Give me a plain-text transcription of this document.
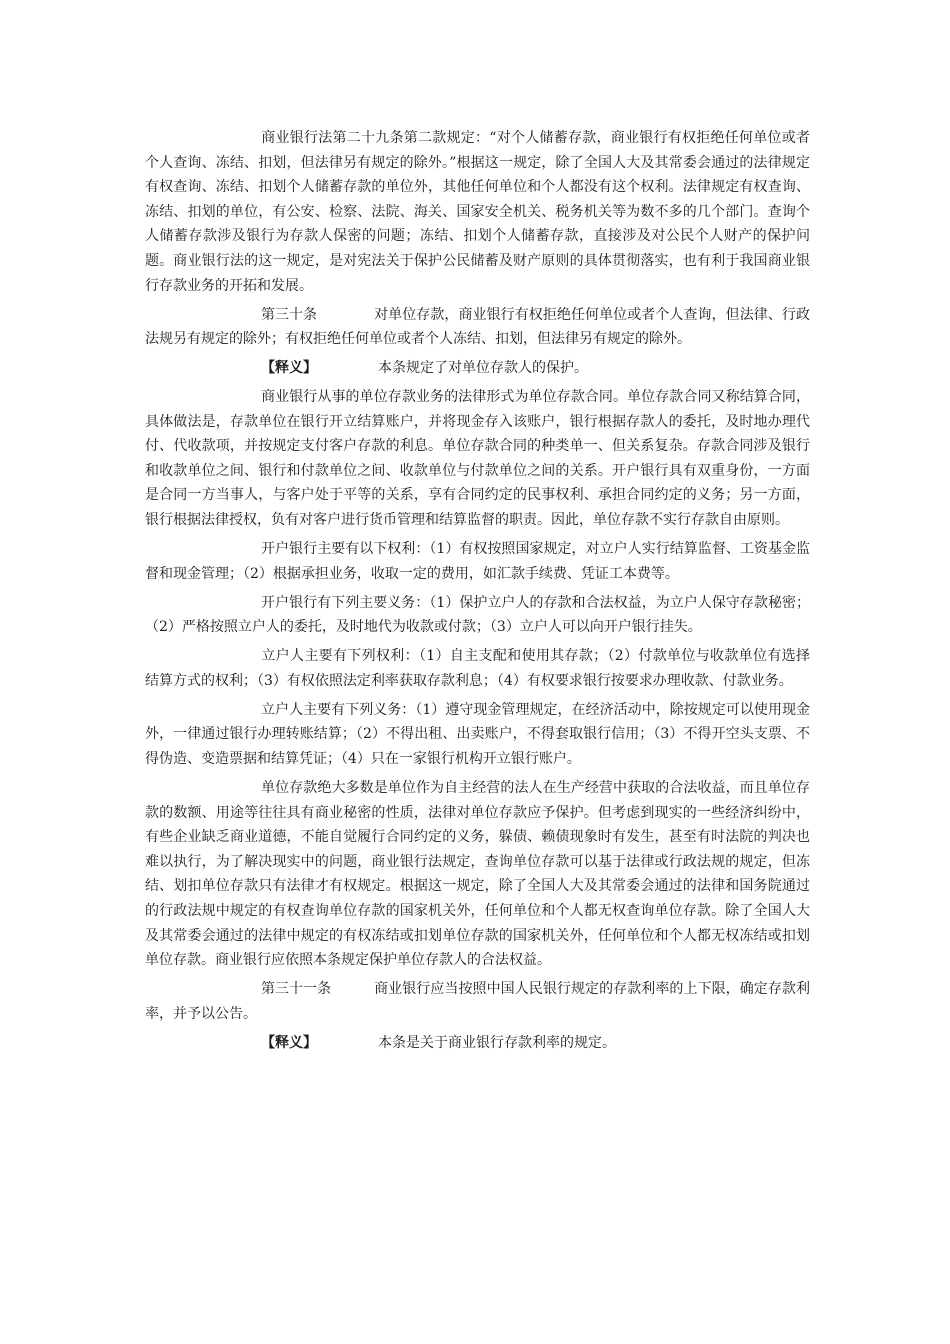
商业银行法第二十九条第二款规定：“对个人储蓄存款，商业银行有权拒绝任何单位或者个人查询、冻结、扣划，但法律另有规定的除外。”根据这一规定，除了全国人大及其常委会通过的法律规定有权查询、冻结、扣划个人储蓄存款的单位外，其他任何单位和个人都没有这个权利。法律规定有权查询、冻结、扣划的单位，有公安、检察、法院、海关、国家安全机关、税务机关等为数不多的几个部门。查询个人储蓄存款涉及银行为存款人保密的问题；冻结、扣划个人储蓄存款，直接涉及对公民个人财产的保护问题。商业银行法的这一规定，是对宪法关于保护公民储蓄及财产原则的具体贯彻落实，也有利于我国商业银行存款业务的开拓和发展。

第三十条	对单位存款，商业银行有权拒绝任何单位或者个人查询，但法律、行政法规另有规定的除外；有权拒绝任何单位或者个人冻结、扣划，但法律另有规定的除外。

【释义】	本条规定了对单位存款人的保护。

商业银行从事的单位存款业务的法律形式为单位存款合同。单位存款合同又称结算合同，具体做法是，存款单位在银行开立结算账户，并将现金存入该账户，银行根据存款人的委托，及时地办理代付、代收款项，并按规定支付客户存款的利息。单位存款合同的种类单一、但关系复杂。存款合同涉及银行和收款单位之间、银行和付款单位之间、收款单位与付款单位之间的关系。开户银行具有双重身份，一方面是合同一方当事人，与客户处于平等的关系，享有合同约定的民事权利、承担合同约定的义务；另一方面，银行根据法律授权，负有对客户进行货币管理和结算监督的职责。因此，单位存款不实行存款自由原则。

开户银行主要有以下权利：（1）有权按照国家规定，对立户人实行结算监督、工资基金监督和现金管理；（2）根据承担业务，收取一定的费用，如汇款手续费、凭证工本费等。

开户银行有下列主要义务：（1）保护立户人的存款和合法权益，为立户人保守存款秘密；（2）严格按照立户人的委托，及时地代为收款或付款；（3）立户人可以向开户银行挂失。

立户人主要有下列权利：（1）自主支配和使用其存款；（2）付款单位与收款单位有选择结算方式的权利；（3）有权依照法定利率获取存款利息；（4）有权要求银行按要求办理收款、付款业务。

立户人主要有下列义务：（1）遵守现金管理规定，在经济活动中，除按规定可以使用现金外，一律通过银行办理转账结算；（2）不得出租、出卖账户，不得套取银行信用；（3）不得开空头支票、不得伪造、变造票据和结算凭证；（4）只在一家银行机构开立银行账户。

单位存款绝大多数是单位作为自主经营的法人在生产经营中获取的合法收益，而且单位存款的数额、用途等往往具有商业秘密的性质，法律对单位存款应予保护。但考虑到现实的一些经济纠纷中，有些企业缺乏商业道德，不能自觉履行合同约定的义务，躲债、赖债现象时有发生，甚至有时法院的判决也难以执行，为了解决现实中的问题，商业银行法规定，查询单位存款可以基于法律或行政法规的规定，但冻结、划扣单位存款只有法律才有权规定。根据这一规定，除了全国人大及其常委会通过的法律和国务院通过的行政法规中规定的有权查询单位存款的国家机关外，任何单位和个人都无权查询单位存款。除了全国人大及其常委会通过的法律中规定的有权冻结或扣划单位存款的国家机关外，任何单位和个人都无权冻结或扣划单位存款。商业银行应依照本条规定保护单位存款人的合法权益。

第三十一条	商业银行应当按照中国人民银行规定的存款利率的上下限，确定存款利率，并予以公告。

【释义】	本条是关于商业银行存款利率的规定。
